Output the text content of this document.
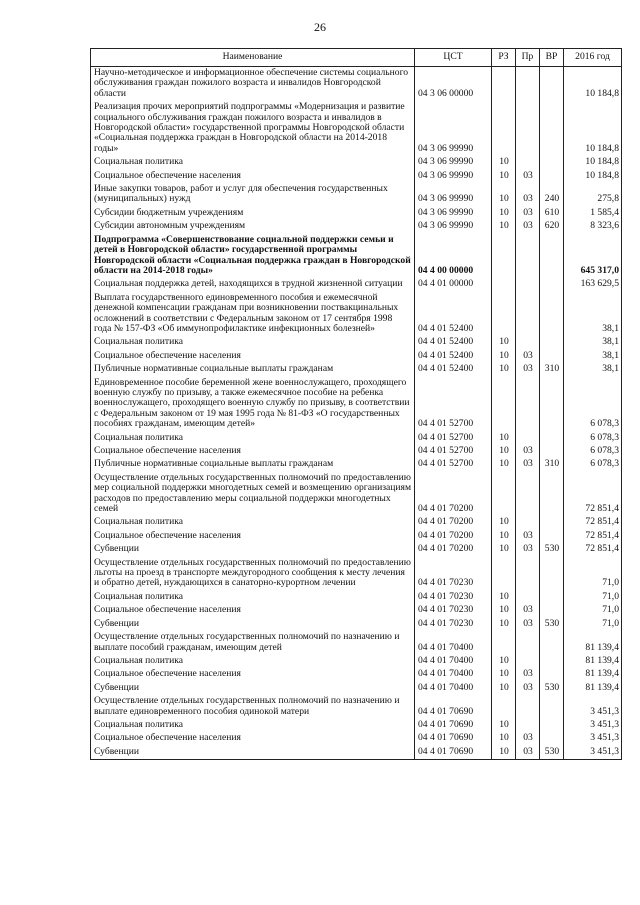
26
Наименование	ЦСТ	РЗ	Пр	ВР	2016 год
Научно-методическое и информационное обеспечение системы социального обслуживания граждан пожилого возраста и инвалидов Новгородской области	04 3 06 00000				10 184,8
Реализация прочих мероприятий подпрограммы «Модернизация и развитие социального обслуживания граждан пожилого возраста и инвалидов в Новгородской области» государственной программы Новгородской области «Социальная поддержка граждан в Новгородской области на 2014-2018 годы»	04 3 06 99990				10 184,8
Социальная политика	04 3 06 99990	10			10 184,8
Социальное обеспечение населения	04 3 06 99990	10	03		10 184,8
Иные закупки товаров, работ и услуг для обеспечения государственных (муниципальных) нужд	04 3 06 99990	10	03	240	275,8
Субсидии бюджетным учреждениям	04 3 06 99990	10	03	610	1 585,4
Субсидии автономным учреждениям	04 3 06 99990	10	03	620	8 323,6
Подпрограмма «Совершенствование социальной поддержки семьи и детей в Новгородской области» государственной программы Новгородской области «Социальная поддержка граждан в Новгородской области на 2014-2018 годы»	04 4 00 00000				645 317,0
Социальная поддержка детей, находящихся в трудной жизненной ситуации	04 4 01 00000				163 629,5
Выплата государственного единовременного пособия и ежемесячной денежной компенсации гражданам при возникновении поствакцинальных осложнений в соответствии с Федеральным законом от 17 сентября 1998 года № 157-ФЗ «Об иммунопрофилактике инфекционных болезней»	04 4 01 52400				38,1
Социальная политика	04 4 01 52400	10			38,1
Социальное обеспечение населения	04 4 01 52400	10	03		38,1
Публичные нормативные социальные выплаты гражданам	04 4 01 52400	10	03	310	38,1
Единовременное пособие беременной жене военнослужащего, проходящего военную службу по призыву, а также ежемесячное пособие на ребенка военнослужащего, проходящего военную службу по призыву, в соответствии с Федеральным законом от 19 мая 1995 года № 81-ФЗ «О государственных пособиях гражданам, имеющим детей»	04 4 01 52700				6 078,3
Социальная политика	04 4 01 52700	10			6 078,3
Социальное обеспечение населения	04 4 01 52700	10	03		6 078,3
Публичные нормативные социальные выплаты гражданам	04 4 01 52700	10	03	310	6 078,3
Осуществление отдельных государственных полномочий по предоставлению мер социальной поддержки многодетных семей и возмещению организациям расходов по предоставлению меры социальной поддержки многодетных семей	04 4 01 70200				72 851,4
Социальная политика	04 4 01 70200	10			72 851,4
Социальное обеспечение населения	04 4 01 70200	10	03		72 851,4
Субвенции	04 4 01 70200	10	03	530	72 851,4
Осуществление отдельных государственных полномочий по предоставлению льготы на проезд в транспорте междугородного сообщения к месту лечения и обратно детей, нуждающихся в санаторно-курортном лечении	04 4 01 70230				71,0
Социальная политика	04 4 01 70230	10			71,0
Социальное обеспечение населения	04 4 01 70230	10	03		71,0
Субвенции	04 4 01 70230	10	03	530	71,0
Осуществление отдельных государственных полномочий по назначению и выплате пособий гражданам, имеющим детей	04 4 01 70400				81 139,4
Социальная политика	04 4 01 70400	10			81 139,4
Социальное обеспечение населения	04 4 01 70400	10	03		81 139,4
Субвенции	04 4 01 70400	10	03	530	81 139,4
Осуществление отдельных государственных полномочий по назначению и выплате единовременного пособия одинокой матери	04 4 01 70690				3 451,3
Социальная политика	04 4 01 70690	10			3 451,3
Социальное обеспечение населения	04 4 01 70690	10	03		3 451,3
Субвенции	04 4 01 70690	10	03	530	3 451,3
